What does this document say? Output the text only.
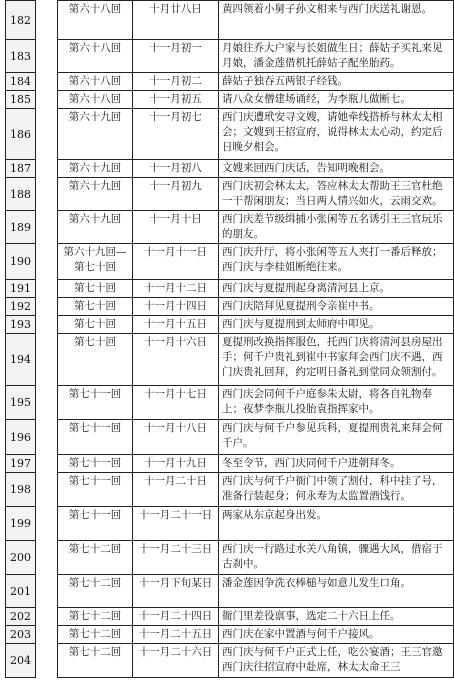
182		第六十八回	十月廿八日	黄四领着小舅子孙文相来与西门庆送礼谢恩。
183		第六十八回	十一月初一	月娘往乔大户家与长姐做生日；薛姑子买礼来见月娘，潘金莲借机托薛姑子配坐胎药。
184		第六十八回	十一月初二	薛姑子独吞五两银子经钱。
185		第六十八回	十一月初五	请八众女僧建场诵经，为李瓶儿做断七。
186		第六十九回	十一月初七	西门庆遭玳安寻文嫂，请她牵线搭桥与林太太相会；文嫂到王招宣府，说得林太太心动，约定后日晚夕相会。
187		第六十九回	十一月初八	文嫂来回西门庆话，告知明晚相会。
188		第六十九回	十一月初九	西门庆初会林太太，答应林太太帮助王三官杜绝一干帮闲朋友；当日两人情兴如火，云雨交欢。
189		第六十九回	十一月十日	西门庆差节级缉捕小张闲等五名诱引王三官玩乐的朋友。
190		第六十九回—第七十回	十一月十一日	西门庆升厅，将小张闲等五人夹打一番后释放；西门庆与李桂姐断绝往来。
191		第七十回	十一月十二日	西门庆与夏提刑起身离清河县上京。
192		第七十回	十一月十四日	西门庆陪拜见夏提刑令亲崔中书。
193		第七十回	十一月十五日	西门庆与夏提刑到太师府中叩见。
194		第七十回	十一月十六日	夏提刑改换指挥服色，托西门庆将清河县房屋出手；何千户贵礼到崔中书家拜会西门庆不遇，西门庆贵礼回拜，约定明日备礼到堂同众领割付。
195		第七十一回	十一月十七日	西门庆会同何千户庭参朱太尉，将各自礼物奉上；夜梦李瓶儿投胎袁指挥家中。
196		第七十一回	十一月十八日	西门庆与何千户参见兵科，夏提刑贵礼来拜会何千户。
197		第七十一回	十一月十九日	冬至令节，西门庆同何千户进朝拜冬。
198		第七十一回	十一月二十日	西门庆与何千户衙门中领了割付，科中挂了号，准备行装起身；何永寿为太监置酒饯行。
199		第七十一回	十一月二十一日	两家从东京起身出发。
200		第七十二回	十一月二十三日	西门庆一行路过水关八角镇，骤遇大风，借宿于古刹中。
201		第七十二回	十一月下旬某日	潘金莲因争洗衣棒槌与如意儿发生口角。
202		第七十二回	十一月二十四日	衙门里差役禀事，选定二十六日上任。
203		第七十二回	十一月二十五日	西门庆在家中置酒与何千户接风。
204		第七十二回	十一月二十六日	西门庆与何千户正式上任，吃公宴酒；王三官邀西门庆往招宣府中赴席，林太太命王三
